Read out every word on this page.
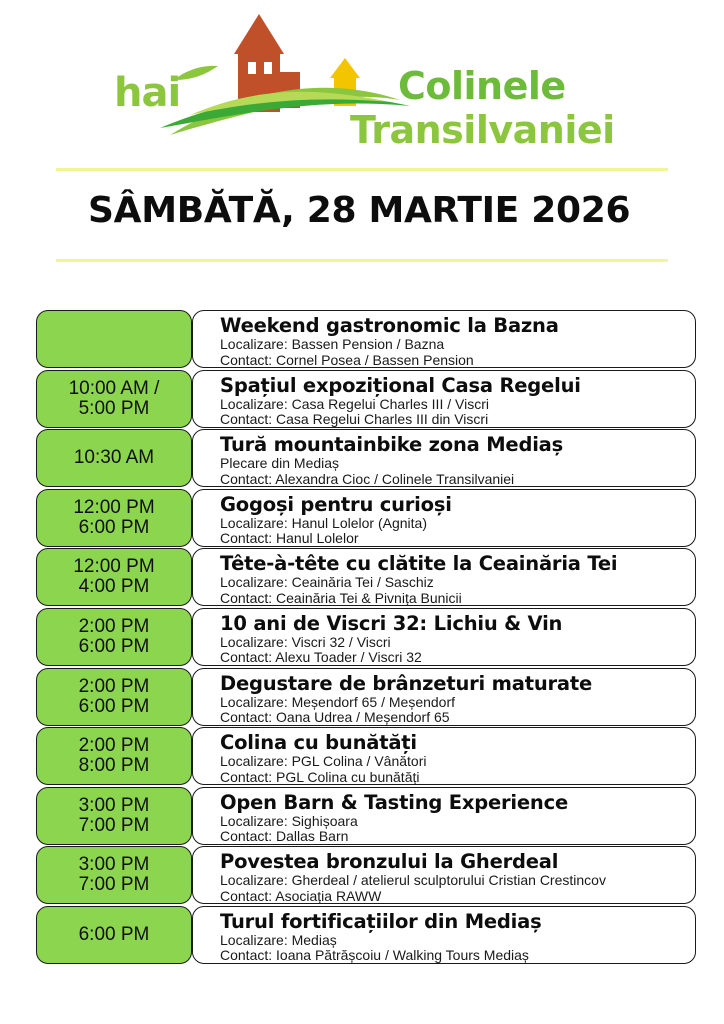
hai	Colinele
Transilvaniei
SÂMBĂTĂ, 28 MARTIE 2026
Weekend gastronomic la Bazna
Localizare: Bassen Pension / Bazna
Contact: Cornel Posea / Bassen Pension
10:00 AM /
5:00 PM
Spațiul expozițional Casa Regelui
Localizare: Casa Regelui Charles III / Viscri
Contact: Casa Regelui Charles III din Viscri
10:30 AM
Tură mountainbike zona Mediaș
Plecare din Mediaș
Contact: Alexandra Cioc / Colinele Transilvaniei
12:00 PM
6:00 PM
Gogoși pentru curioși
Localizare: Hanul Lolelor (Agnita)
Contact: Hanul Lolelor
12:00 PM
4:00 PM
Tête-à-tête cu clătite la Ceainăria Tei
Localizare: Ceainăria Tei / Saschiz
Contact: Ceainăria Tei & Pivnița Bunicii
2:00 PM
6:00 PM
10 ani de Viscri 32: Lichiu & Vin
Localizare: Viscri 32 / Viscri
Contact: Alexu Toader / Viscri 32
2:00 PM
6:00 PM
Degustare de brânzeturi maturate
Localizare: Meșendorf 65 / Meșendorf
Contact: Oana Udrea / Meșendorf 65
2:00 PM
8:00 PM
Colina cu bunătăți
Localizare: PGL Colina / Vânători
Contact: PGL Colina cu bunătăți
3:00 PM
7:00 PM
Open Barn & Tasting Experience
Localizare: Sighișoara
Contact: Dallas Barn
3:00 PM
7:00 PM
Povestea bronzului la Gherdeal
Localizare: Gherdeal / atelierul sculptorului Cristian Crestincov
Contact: Asociația RAWW
6:00 PM
Turul fortificațiilor din Mediaș
Localizare: Mediaș
Contact: Ioana Pătrășcoiu / Walking Tours Mediaș
